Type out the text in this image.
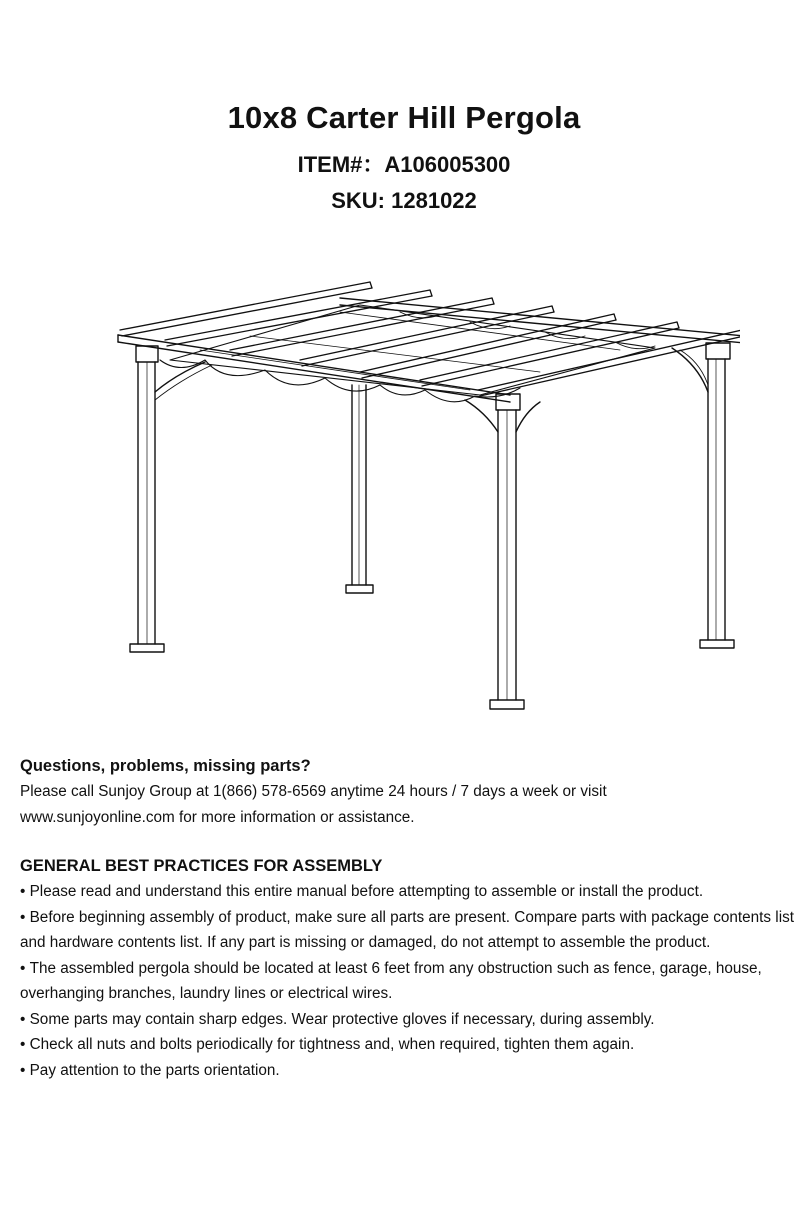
10x8 Carter Hill Pergola
ITEM#：A106005300
SKU: 1281022
Questions, problems, missing parts?
Please call Sunjoy Group at 1(866) 578-6569 anytime 24 hours / 7 days a week or visit
www.sunjoyonline.com for more information or assistance.
GENERAL BEST PRACTICES FOR ASSEMBLY
• Please read and understand this entire manual before attempting to assemble or install the product.
• Before beginning assembly of product, make sure all parts are present. Compare parts with package contents list and hardware contents list. If any part is missing or damaged, do not attempt to assemble the product.
• The assembled pergola should be located at least 6 feet from any obstruction such as fence, garage, house, overhanging branches, laundry lines or electrical wires.
• Some parts may contain sharp edges. Wear protective gloves if necessary, during assembly.
• Check all nuts and bolts periodically for tightness and, when required, tighten them again.
• Pay attention to the parts orientation.
